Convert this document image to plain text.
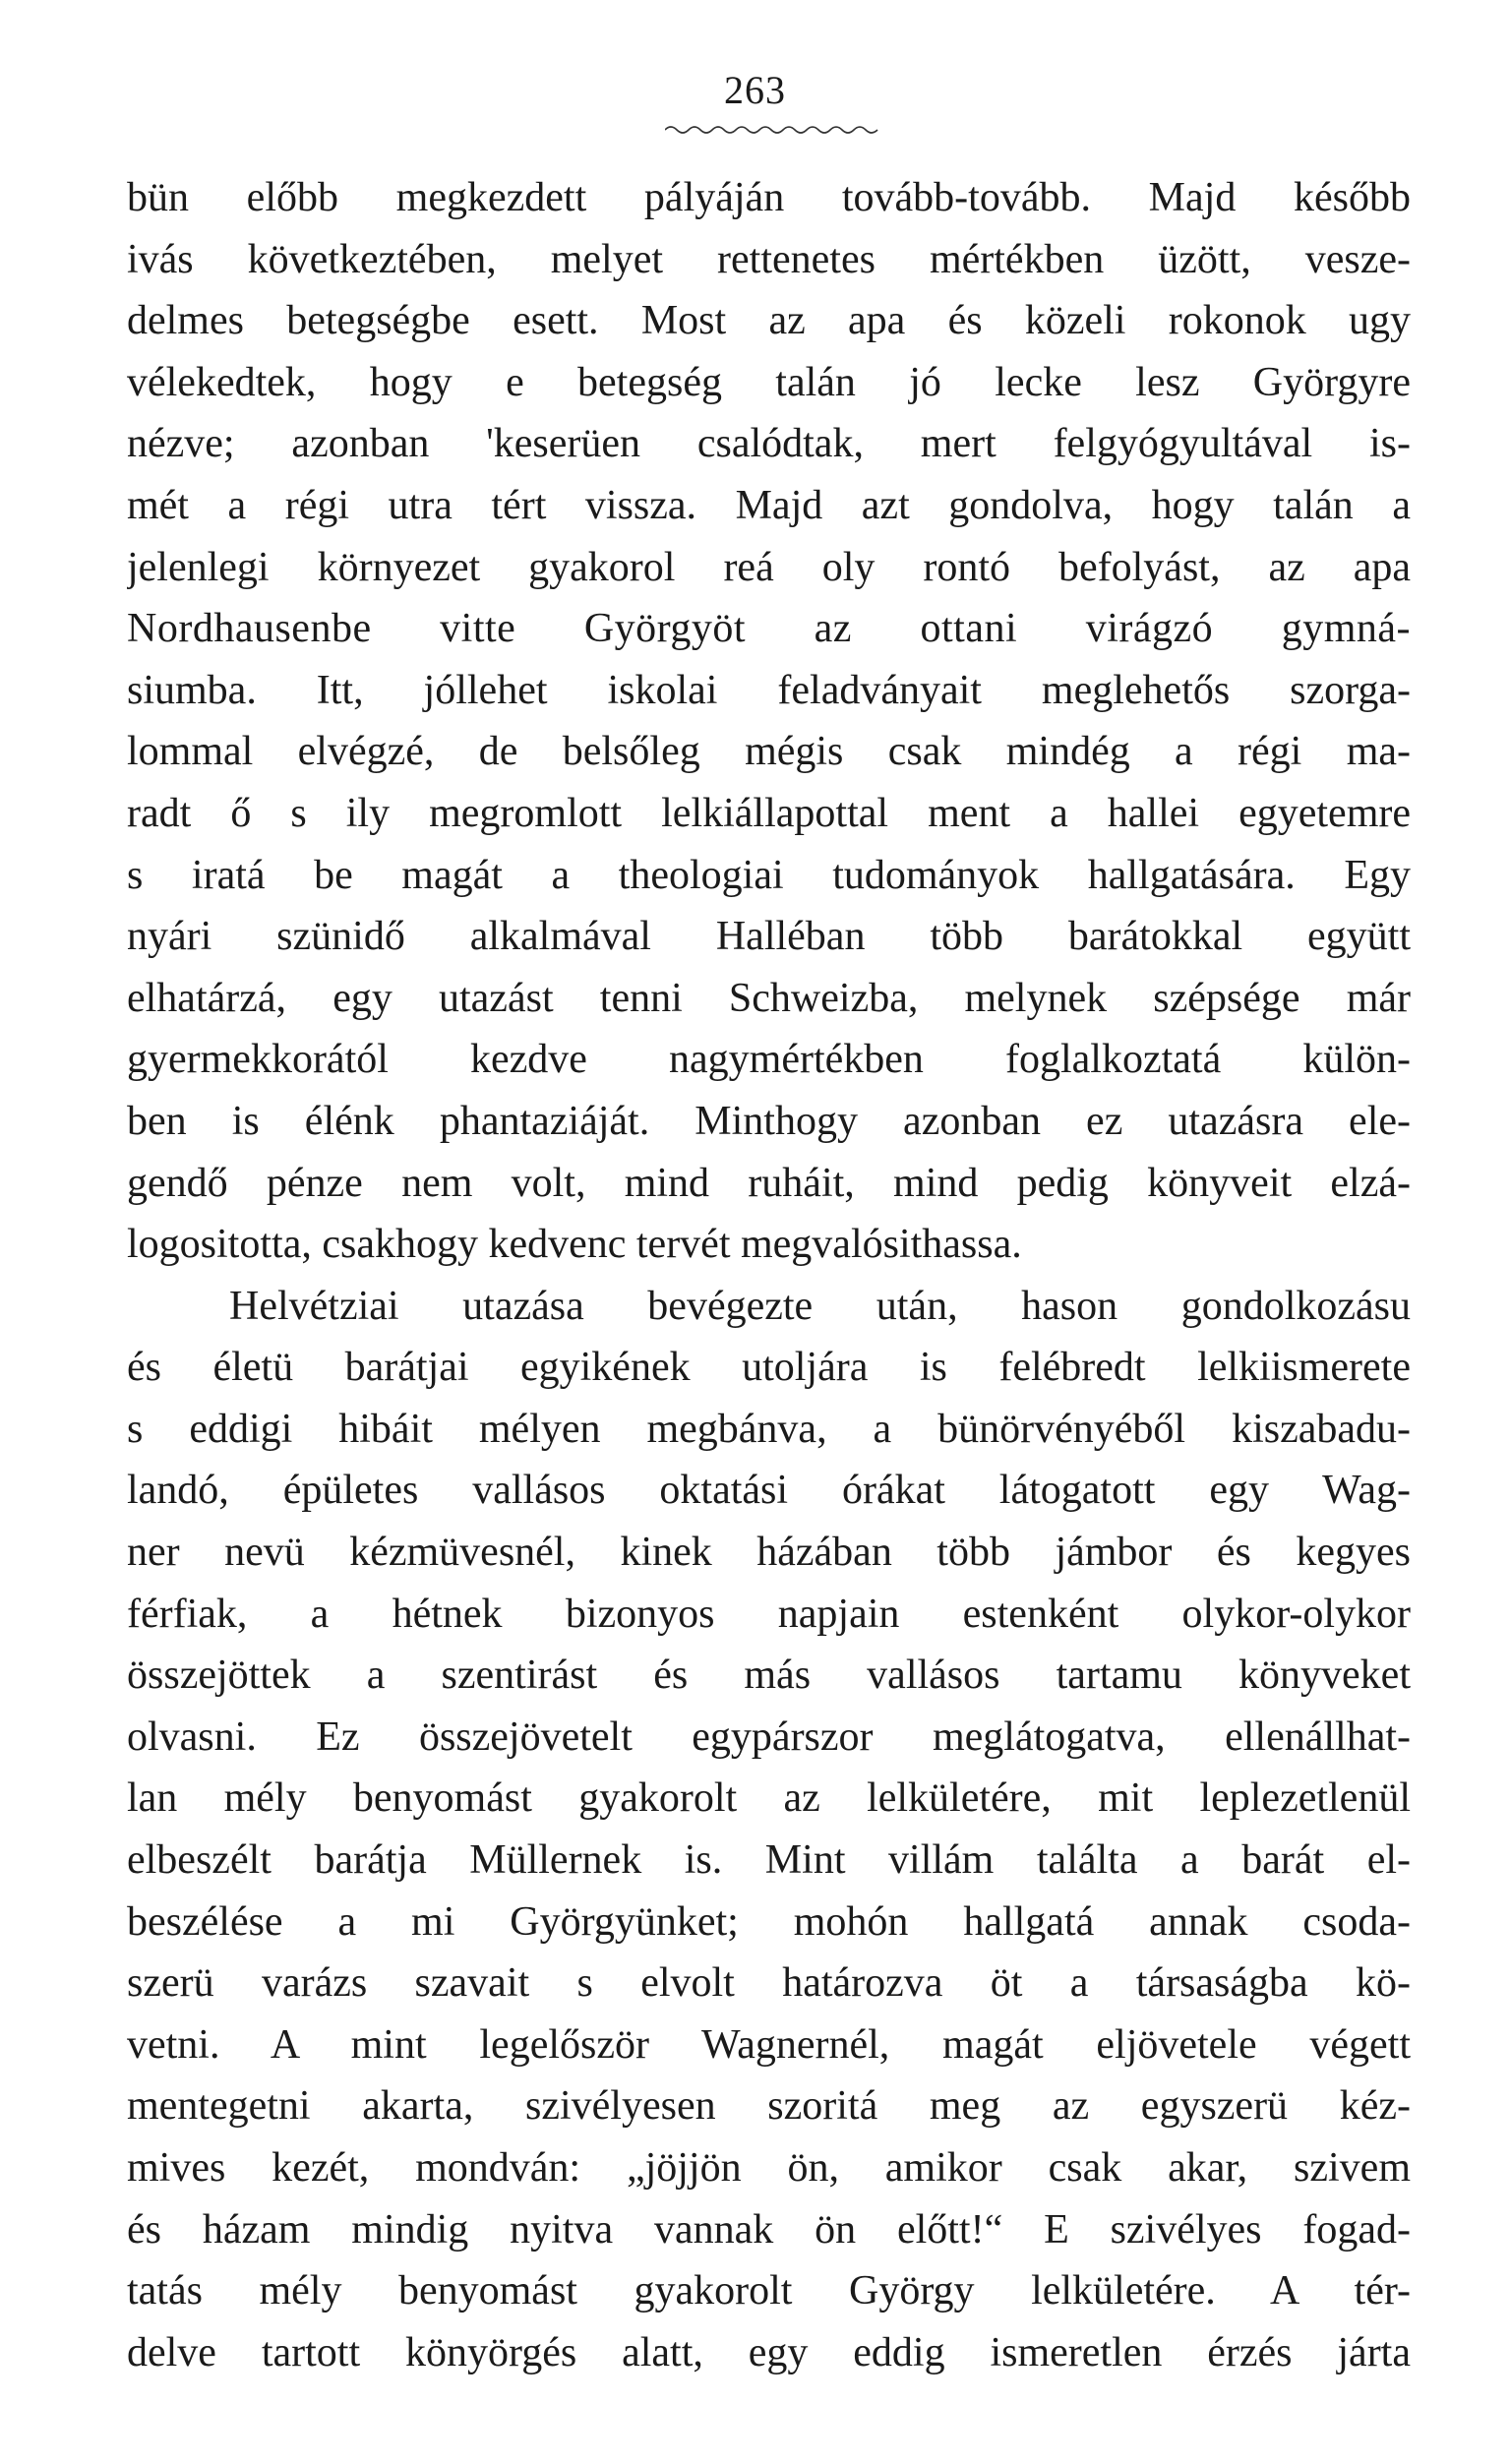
263
bün előbb megkezdett pályáján tovább-tovább. Majd később
ivás következtében, melyet rettenetes mértékben üzött, vesze-
delmes betegségbe esett. Most az apa és közeli rokonok ugy
vélekedtek, hogy e betegség talán jó lecke lesz Györgyre
nézve; azonban 'keserüen csalódtak, mert felgyógyultával is-
mét a régi utra tért vissza. Majd azt gondolva, hogy talán a
jelenlegi környezet gyakorol reá oly rontó befolyást, az apa
Nordhausenbe vitte Györgyöt az ottani virágzó gymná-
siumba. Itt, jóllehet iskolai feladványait meglehetős szorga-
lommal elvégzé, de belsőleg mégis csak mindég a régi ma-
radt ő s ily megromlott lelkiállapottal ment a hallei egyetemre
s iratá be magát a theologiai tudományok hallgatására. Egy
nyári szünidő alkalmával Halléban több barátokkal együtt
elhatárzá, egy utazást tenni Schweizba, melynek szépsége már
gyermekkorától kezdve nagymértékben foglalkoztatá külön-
ben is élénk phantaziáját. Minthogy azonban ez utazásra ele-
gendő pénze nem volt, mind ruháit, mind pedig könyveit elzá-
logositotta, csakhogy kedvenc tervét megvalósithassa.
Helvétziai utazása bevégezte után, hason gondolkozásu
és életü barátjai egyikének utoljára is felébredt lelkiismerete
s eddigi hibáit mélyen megbánva, a bünörvényéből kiszabadu-
landó, épületes vallásos oktatási órákat látogatott egy Wag-
ner nevü kézmüvesnél, kinek házában több jámbor és kegyes
férfiak, a hétnek bizonyos napjain estenként olykor-olykor
összejöttek a szentirást és más vallásos tartamu könyveket
olvasni. Ez összejövetelt egypárszor meglátogatva, ellenállhat-
lan mély benyomást gyakorolt az lelkületére, mit leplezetlenül
elbeszélt barátja Müllernek is. Mint villám találta a barát el-
beszélése a mi Györgyünket; mohón hallgatá annak csoda-
szerü varázs szavait s elvolt határozva öt a társaságba kö-
vetni. A mint legelőször Wagnernél, magát eljövetele végett
mentegetni akarta, szivélyesen szoritá meg az egyszerü kéz-
mives kezét, mondván: „jöjjön ön, amikor csak akar, szivem
és házam mindig nyitva vannak ön előtt!“ E szivélyes fogad-
tatás mély benyomást gyakorolt György lelkületére. A tér-
delve tartott könyörgés alatt, egy eddig ismeretlen érzés járta
